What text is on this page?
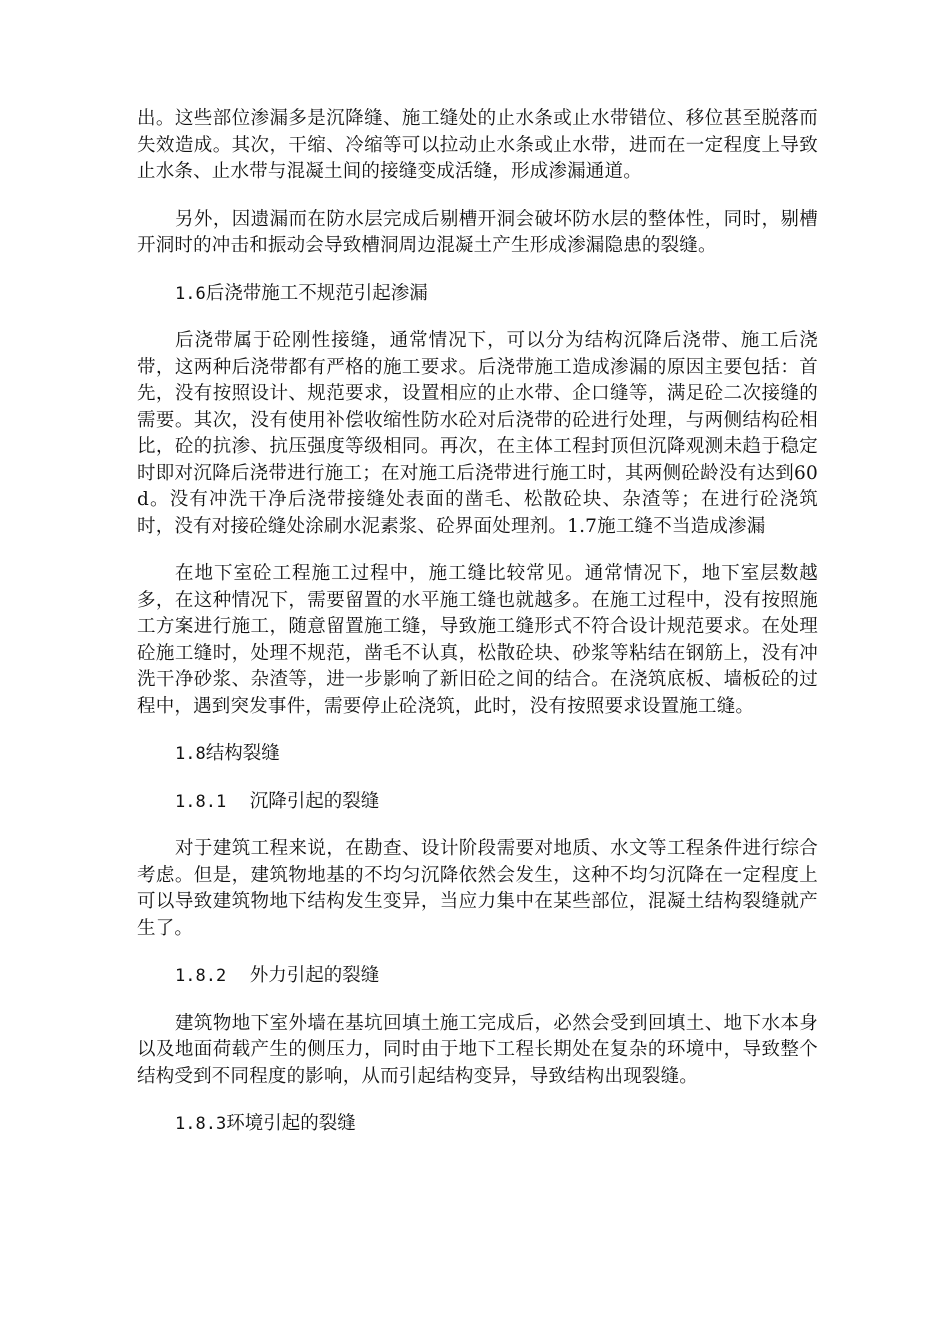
出。这些部位渗漏多是沉降缝、施工缝处的止水条或止水带错位、移位甚至脱落而失效造成。其次，干缩、冷缩等可以拉动止水条或止水带，进而在一定程度上导致止水条、止水带与混凝土间的接缝变成活缝，形成渗漏通道。

另外，因遗漏而在防水层完成后剔槽开洞会破坏防水层的整体性，同时，剔槽开洞时的冲击和振动会导致槽洞周边混凝土产生形成渗漏隐患的裂缝。

1.6后浇带施工不规范引起渗漏

后浇带属于砼刚性接缝，通常情况下，可以分为结构沉降后浇带、施工后浇带，这两种后浇带都有严格的施工要求。后浇带施工造成渗漏的原因主要包括：首先，没有按照设计、规范要求，设置相应的止水带、企口缝等，满足砼二次接缝的需要。其次，没有使用补偿收缩性防水砼对后浇带的砼进行处理，与两侧结构砼相比，砼的抗渗、抗压强度等级相同。再次，在主体工程封顶但沉降观测未趋于稳定时即对沉降后浇带进行施工；在对施工后浇带进行施工时，其两侧砼龄没有达到60d。没有冲洗干净后浇带接缝处表面的凿毛、松散砼块、杂渣等；在进行砼浇筑时，没有对接砼缝处涂刷水泥素浆、砼界面处理剂。1.7施工缝不当造成渗漏

在地下室砼工程施工过程中，施工缝比较常见。通常情况下，地下室层数越多，在这种情况下，需要留置的水平施工缝也就越多。在施工过程中，没有按照施工方案进行施工，随意留置施工缝，导致施工缝形式不符合设计规范要求。在处理砼施工缝时，处理不规范，凿毛不认真，松散砼块、砂浆等粘结在钢筋上，没有冲洗干净砂浆、杂渣等，进一步影响了新旧砼之间的结合。在浇筑底板、墙板砼的过程中，遇到突发事件，需要停止砼浇筑，此时，没有按照要求设置施工缝。

1.8结构裂缝

1.8.1 沉降引起的裂缝

对于建筑工程来说，在勘查、设计阶段需要对地质、水文等工程条件进行综合考虑。但是，建筑物地基的不均匀沉降依然会发生，这种不均匀沉降在一定程度上可以导致建筑物地下结构发生变异，当应力集中在某些部位，混凝土结构裂缝就产生了。

1.8.2 外力引起的裂缝

建筑物地下室外墙在基坑回填土施工完成后，必然会受到回填土、地下水本身以及地面荷载产生的侧压力，同时由于地下工程长期处在复杂的环境中，导致整个结构受到不同程度的影响，从而引起结构变异，导致结构出现裂缝。

1.8.3环境引起的裂缝
